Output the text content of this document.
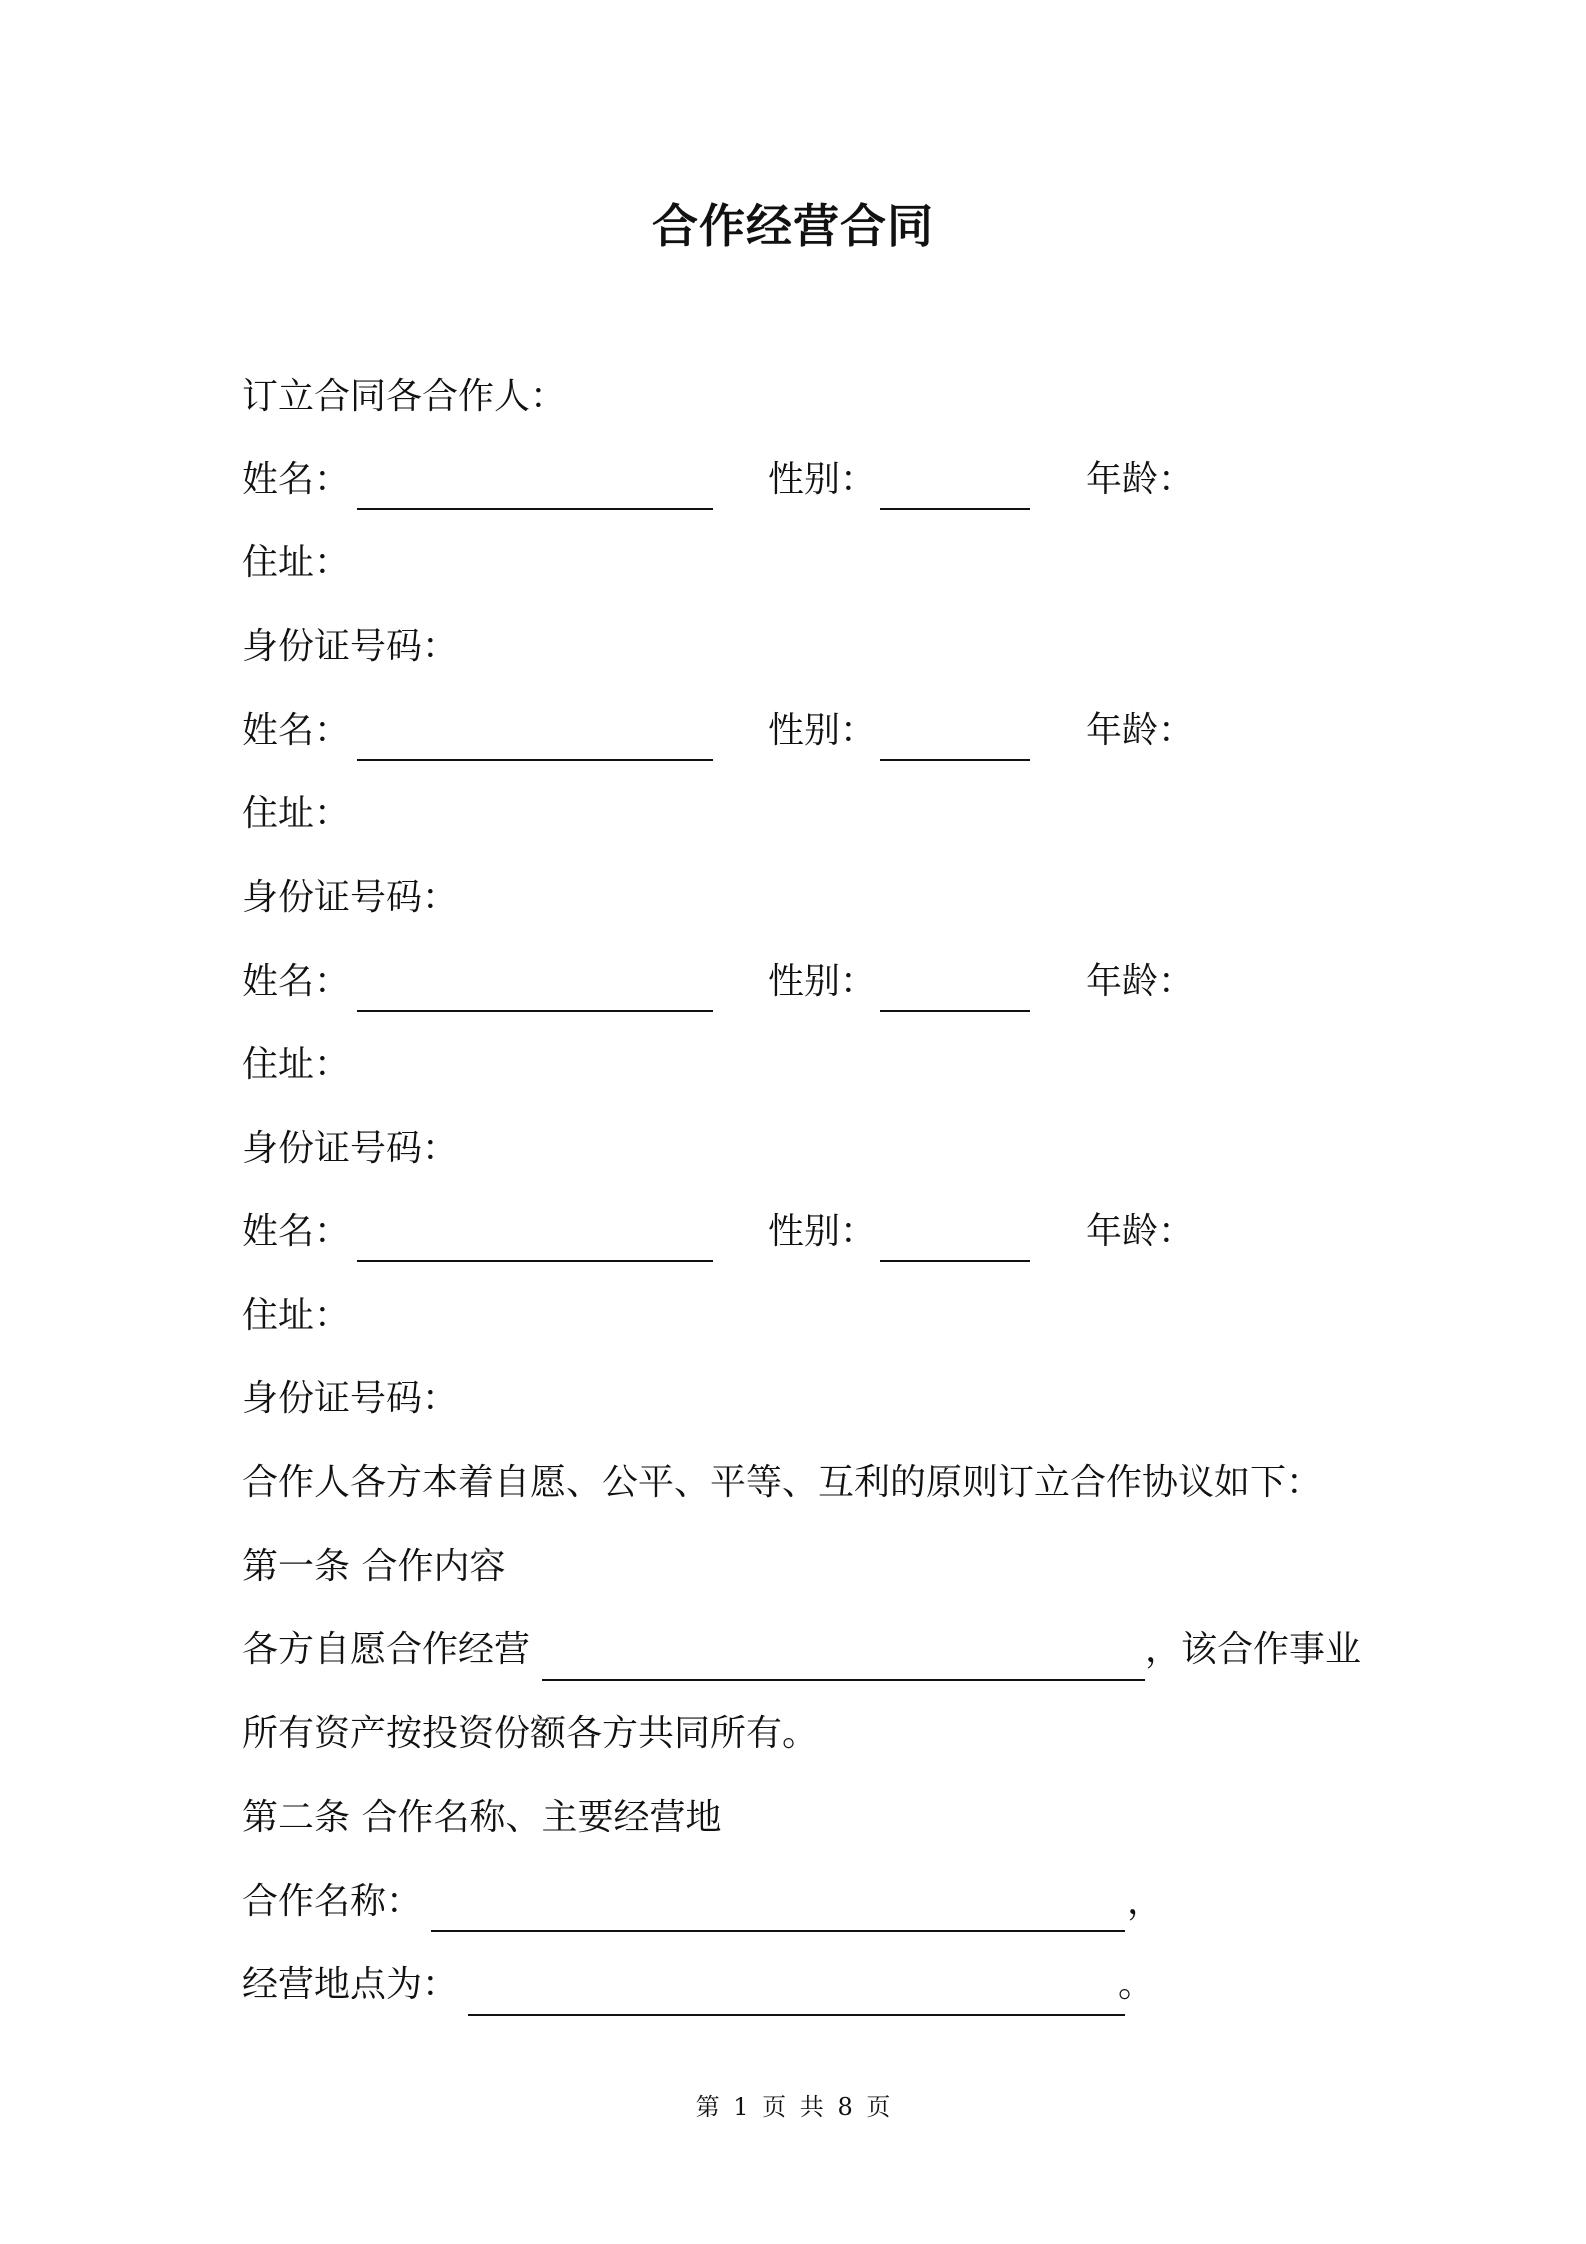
合作经营合同
订立合同各合作人：
姓名：	性别：	年龄：
住址：
身份证号码：
姓名：	性别：	年龄：
住址：
身份证号码：
姓名：	性别：	年龄：
住址：
身份证号码：
姓名：	性别：	年龄：
住址：
身份证号码：
合作人各方本着自愿、公平、平等、互利的原则订立合作协议如下：
第一条 合作内容
各方自愿合作经营	，该合作事业
所有资产按投资份额各方共同所有。
第二条 合作名称、主要经营地
合作名称：	，
经营地点为：	。
第 1 页 共 8 页
